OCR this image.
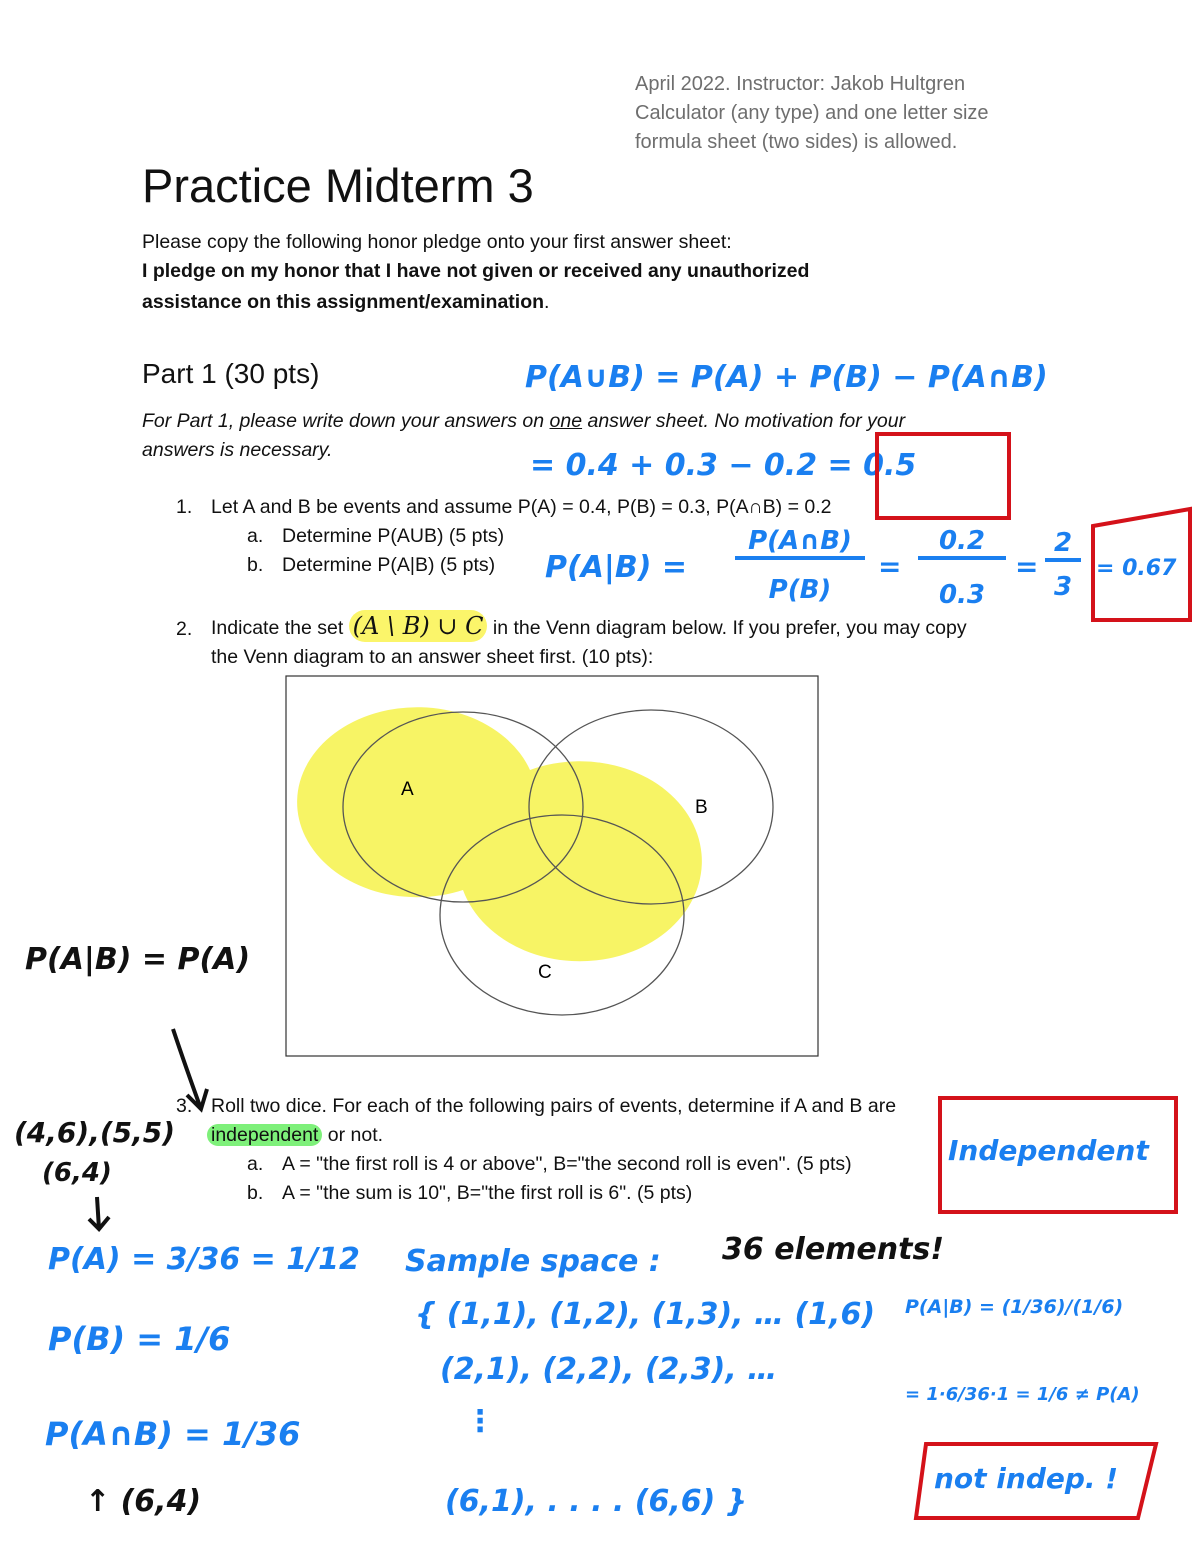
April 2022. Instructor: Jakob Hultgren
Calculator (any type) and one letter size
formula sheet (two sides) is allowed.
Practice Midterm 3
Please copy the following honor pledge onto your first answer sheet:
I pledge on my honor that I have not given or received any unauthorized
assistance on this assignment/examination.
Part 1 (30 pts)
For Part 1, please write down your answers on one answer sheet. No motivation for your
answers is necessary.
1. Let A and B be events and assume P(A) = 0.4, P(B) = 0.3, P(A∩B) = 0.2
a. Determine P(AUB) (5 pts)
b. Determine P(A|B) (5 pts)
2. Indicate the set (A \ B) ∪ C in the Venn diagram below. If you prefer, you may copy
the Venn diagram to an answer sheet first. (10 pts):
A
B
C
3. Roll two dice. For each of the following pairs of events, determine if A and B are
independent or not.
a. A = "the first roll is 4 or above", B="the second roll is even". (5 pts)
b. A = "the sum is 10", B="the first roll is 6". (5 pts)
P(A∪B) = P(A) + P(B) − P(A∩B)
= 0.4 + 0.3 − 0.2 = 0.5
P(A|B) =
P(A∩B)
P(B)
=
0.2
0.3
=
2
3
= 0.67
P(A|B) = P(A)
(4,6),(5,5)
(6,4)
Independent
P(A) = 3/36 = 1/12
P(B) = 1/6
P(A∩B) = 1/36
↑ (6,4)
Sample space : 36 elements!
{ (1,1), (1,2), (1,3), … (1,6)
(2,1), (2,2), (2,3), …
⋮
(6,1), . . . . (6,6) }
P(A|B) = (1/36)/(1/6)
= 1·6/36·1 = 1/6 ≠ P(A)
not indep. !
